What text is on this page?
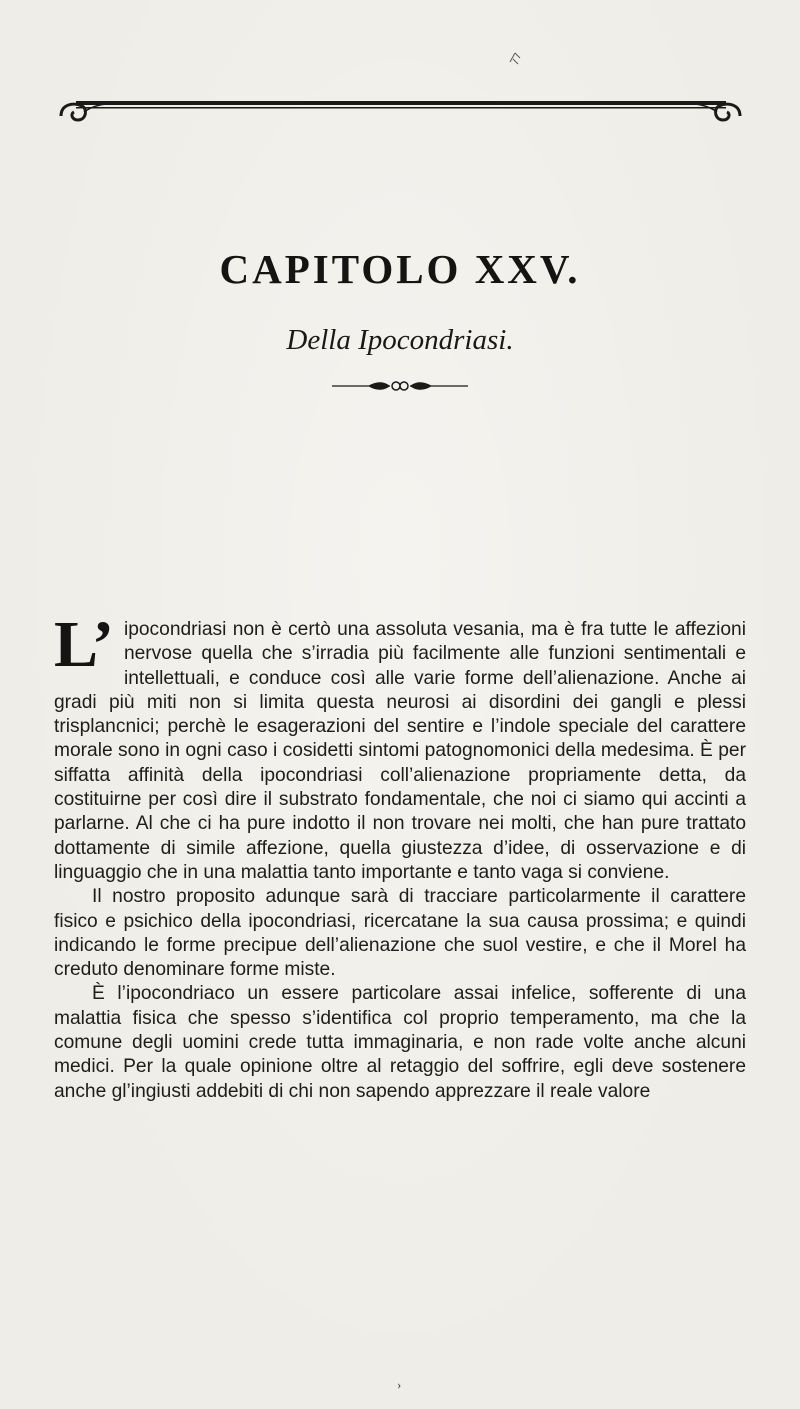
CAPITOLO XXV.
Della Ipocondriasi.

L’ ipocondriasi non è certò una assoluta vesania, ma è fra tutte le affezioni nervose quella che s’irradia più facilmente alle funzioni sentimentali e intellettuali, e conduce così alle varie forme dell’alienazione. Anche ai gradi più miti non si limita questa neurosi ai disordini dei gangli e plessi trisplancnici; perchè le esagerazioni del sentire e l’indole speciale del carattere morale sono in ogni caso i cosidetti sintomi patognomonici della medesima. È per siffatta affinità della ipocondriasi coll’alienazione propriamente detta, da costituirne per così dire il substrato fondamentale, che noi ci siamo qui accinti a parlarne. Al che ci ha pure indotto il non trovare nei molti, che han pure trattato dottamente di simile affezione, quella giustezza d’idee, di osservazione e di linguaggio che in una malattia tanto importante e tanto vaga si conviene.

Il nostro proposito adunque sarà di tracciare particolarmente il carattere fisico e psichico della ipocondriasi, ricercatane la sua causa prossima; e quindi indicando le forme precipue dell’alienazione che suol vestire, e che il Morel ha creduto denominare forme miste.

È l’ipocondriaco un essere particolare assai infelice, sofferente di una malattia fisica che spesso s’identifica col proprio temperamento, ma che la comune degli uomini crede tutta immaginaria, e non rade volte anche alcuni medici. Per la quale opinione oltre al retaggio del soffrire, egli deve sostenere anche gl’ingiusti addebiti di chi non sapendo apprezzare il reale valore

›
